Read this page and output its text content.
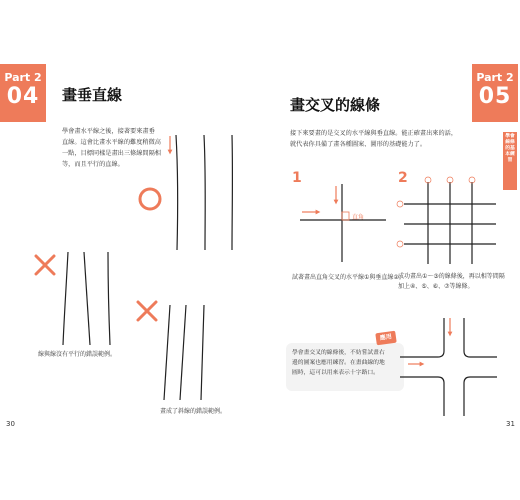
Part 2
04	畫垂直線
學會畫水平線之後，接著要來畫垂
直線。這會比畫水平線的難度稍微高
一點，目標同樣是畫出三條線間隔相
等，而且平行的直線。
線與線沒有平行的錯誤範例。
畫成了斜線的錯誤範例。
30
Part 2
05
畫交叉的線條
接下來要畫的是交叉的水平線與垂直線。能正確畫出來的話，
就代表你具備了畫各種圖案、圖形的基礎能力了。
學會線條的基本練習
1	2
直角
試著畫出直角交叉的水平線①與垂直線②。
成功畫出①～③的線條後，再以相等間隔
加上④、⑤、⑥、⑦等線條。
應用
學會畫交叉的線條後，不妨嘗試畫右
邊的圖案也應用練習。在畫曲線的地
圓時，這可以用來表示十字路口。
31
